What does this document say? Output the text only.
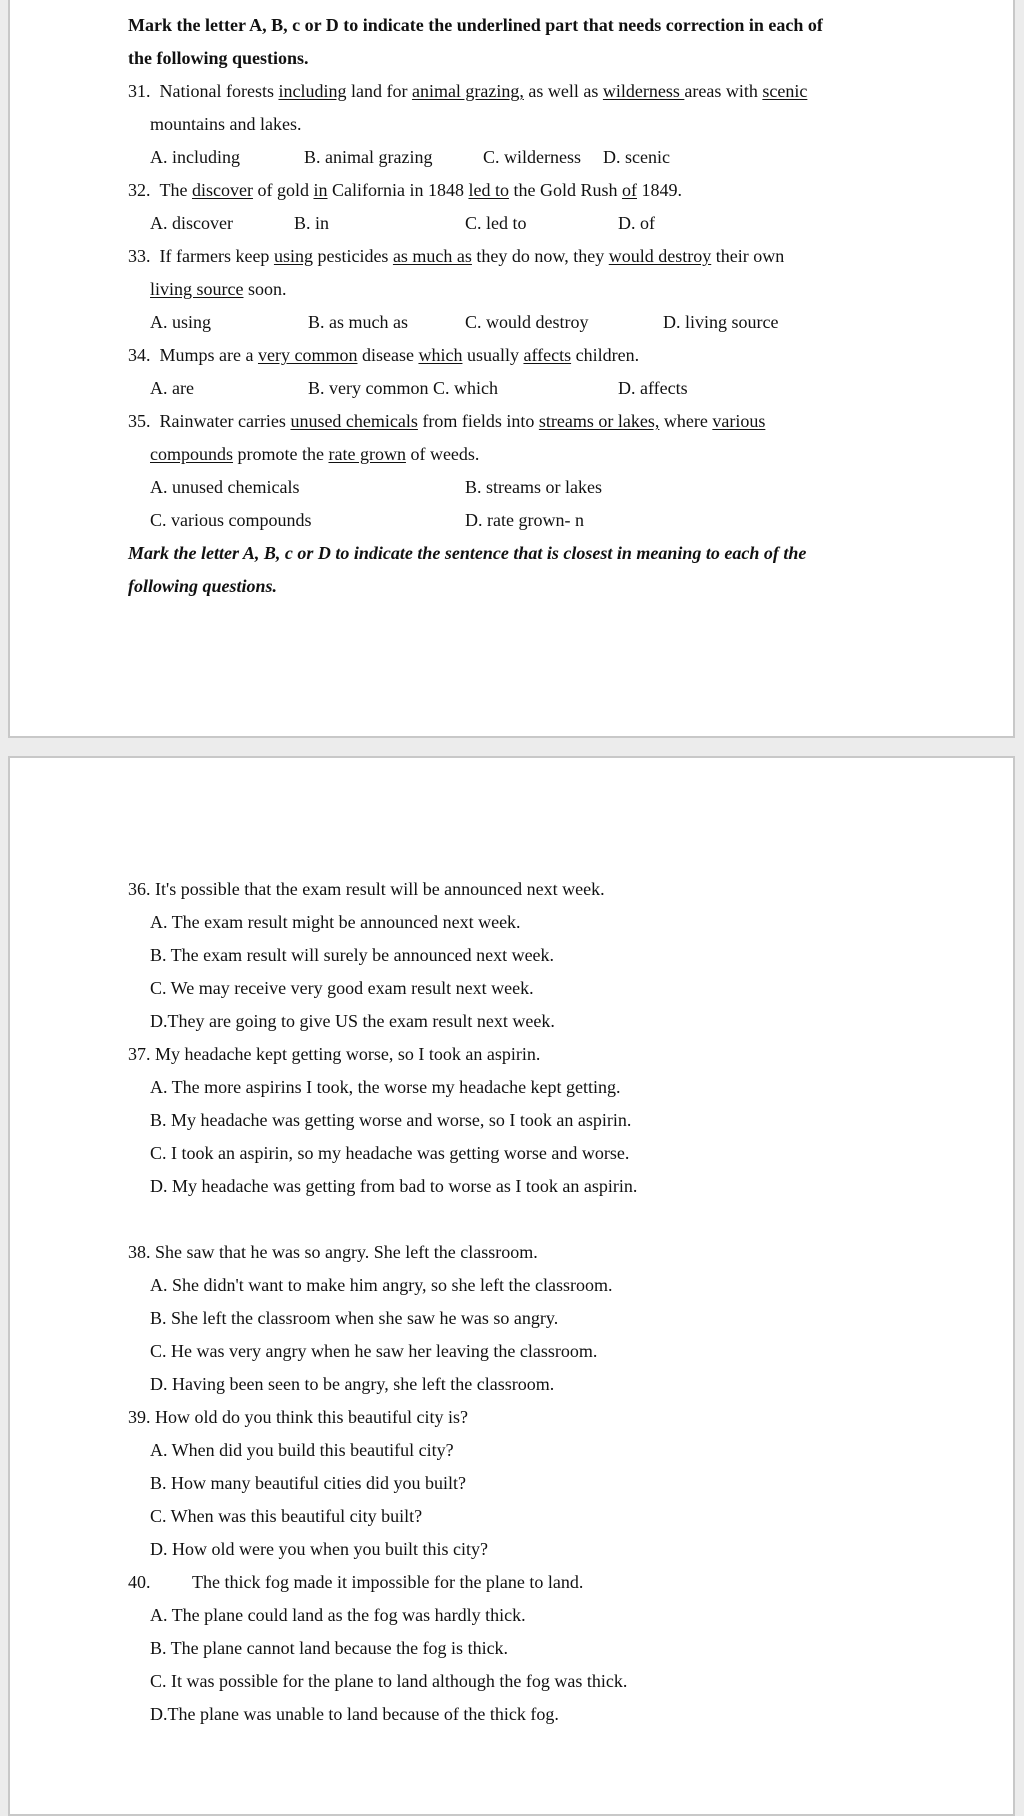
Mark the letter A, B, c or D to indicate the underlined part that needs correction in each of
the following questions.
31. National forests including land for animal grazing, as well as wilderness areas with scenic
mountains and lakes.
A. including	B. animal grazing	C. wilderness D. scenic
32. The discover of gold in California in 1848 led to the Gold Rush of 1849.
A. discover	B. in	C. led to	D. of
33. If farmers keep using pesticides as much as they do now, they would destroy their own
living source soon.
A. using	B. as much as	C. would destroy	D. living source
34. Mumps are a very common disease which usually affects children.
A. are	B. very common C. which	D. affects
35. Rainwater carries unused chemicals from fields into streams or lakes, where various
compounds promote the rate grown of weeds.
A. unused chemicals	B. streams or lakes
C. various compounds	D. rate grown- n
Mark the letter A, B, c or D to indicate the sentence that is closest in meaning to each of the
following questions.
36. It's possible that the exam result will be announced next week.
A. The exam result might be announced next week.
B. The exam result will surely be announced next week.
C. We may receive very good exam result next week.
D.They are going to give US the exam result next week.
37. My headache kept getting worse, so I took an aspirin.
A. The more aspirins I took, the worse my headache kept getting.
B. My headache was getting worse and worse, so I took an aspirin.
C. I took an aspirin, so my headache was getting worse and worse.
D. My headache was getting from bad to worse as I took an aspirin.
38. She saw that he was so angry. She left the classroom.
A. She didn't want to make him angry, so she left the classroom.
B. She left the classroom when she saw he was so angry.
C. He was very angry when he saw her leaving the classroom.
D. Having been seen to be angry, she left the classroom.
39. How old do you think this beautiful city is?
A. When did you build this beautiful city?
B. How many beautiful cities did you built?
C. When was this beautiful city built?
D. How old were you when you built this city?
40. The thick fog made it impossible for the plane to land.
A. The plane could land as the fog was hardly thick.
B. The plane cannot land because the fog is thick.
C. It was possible for the plane to land although the fog was thick.
D.The plane was unable to land because of the thick fog.
